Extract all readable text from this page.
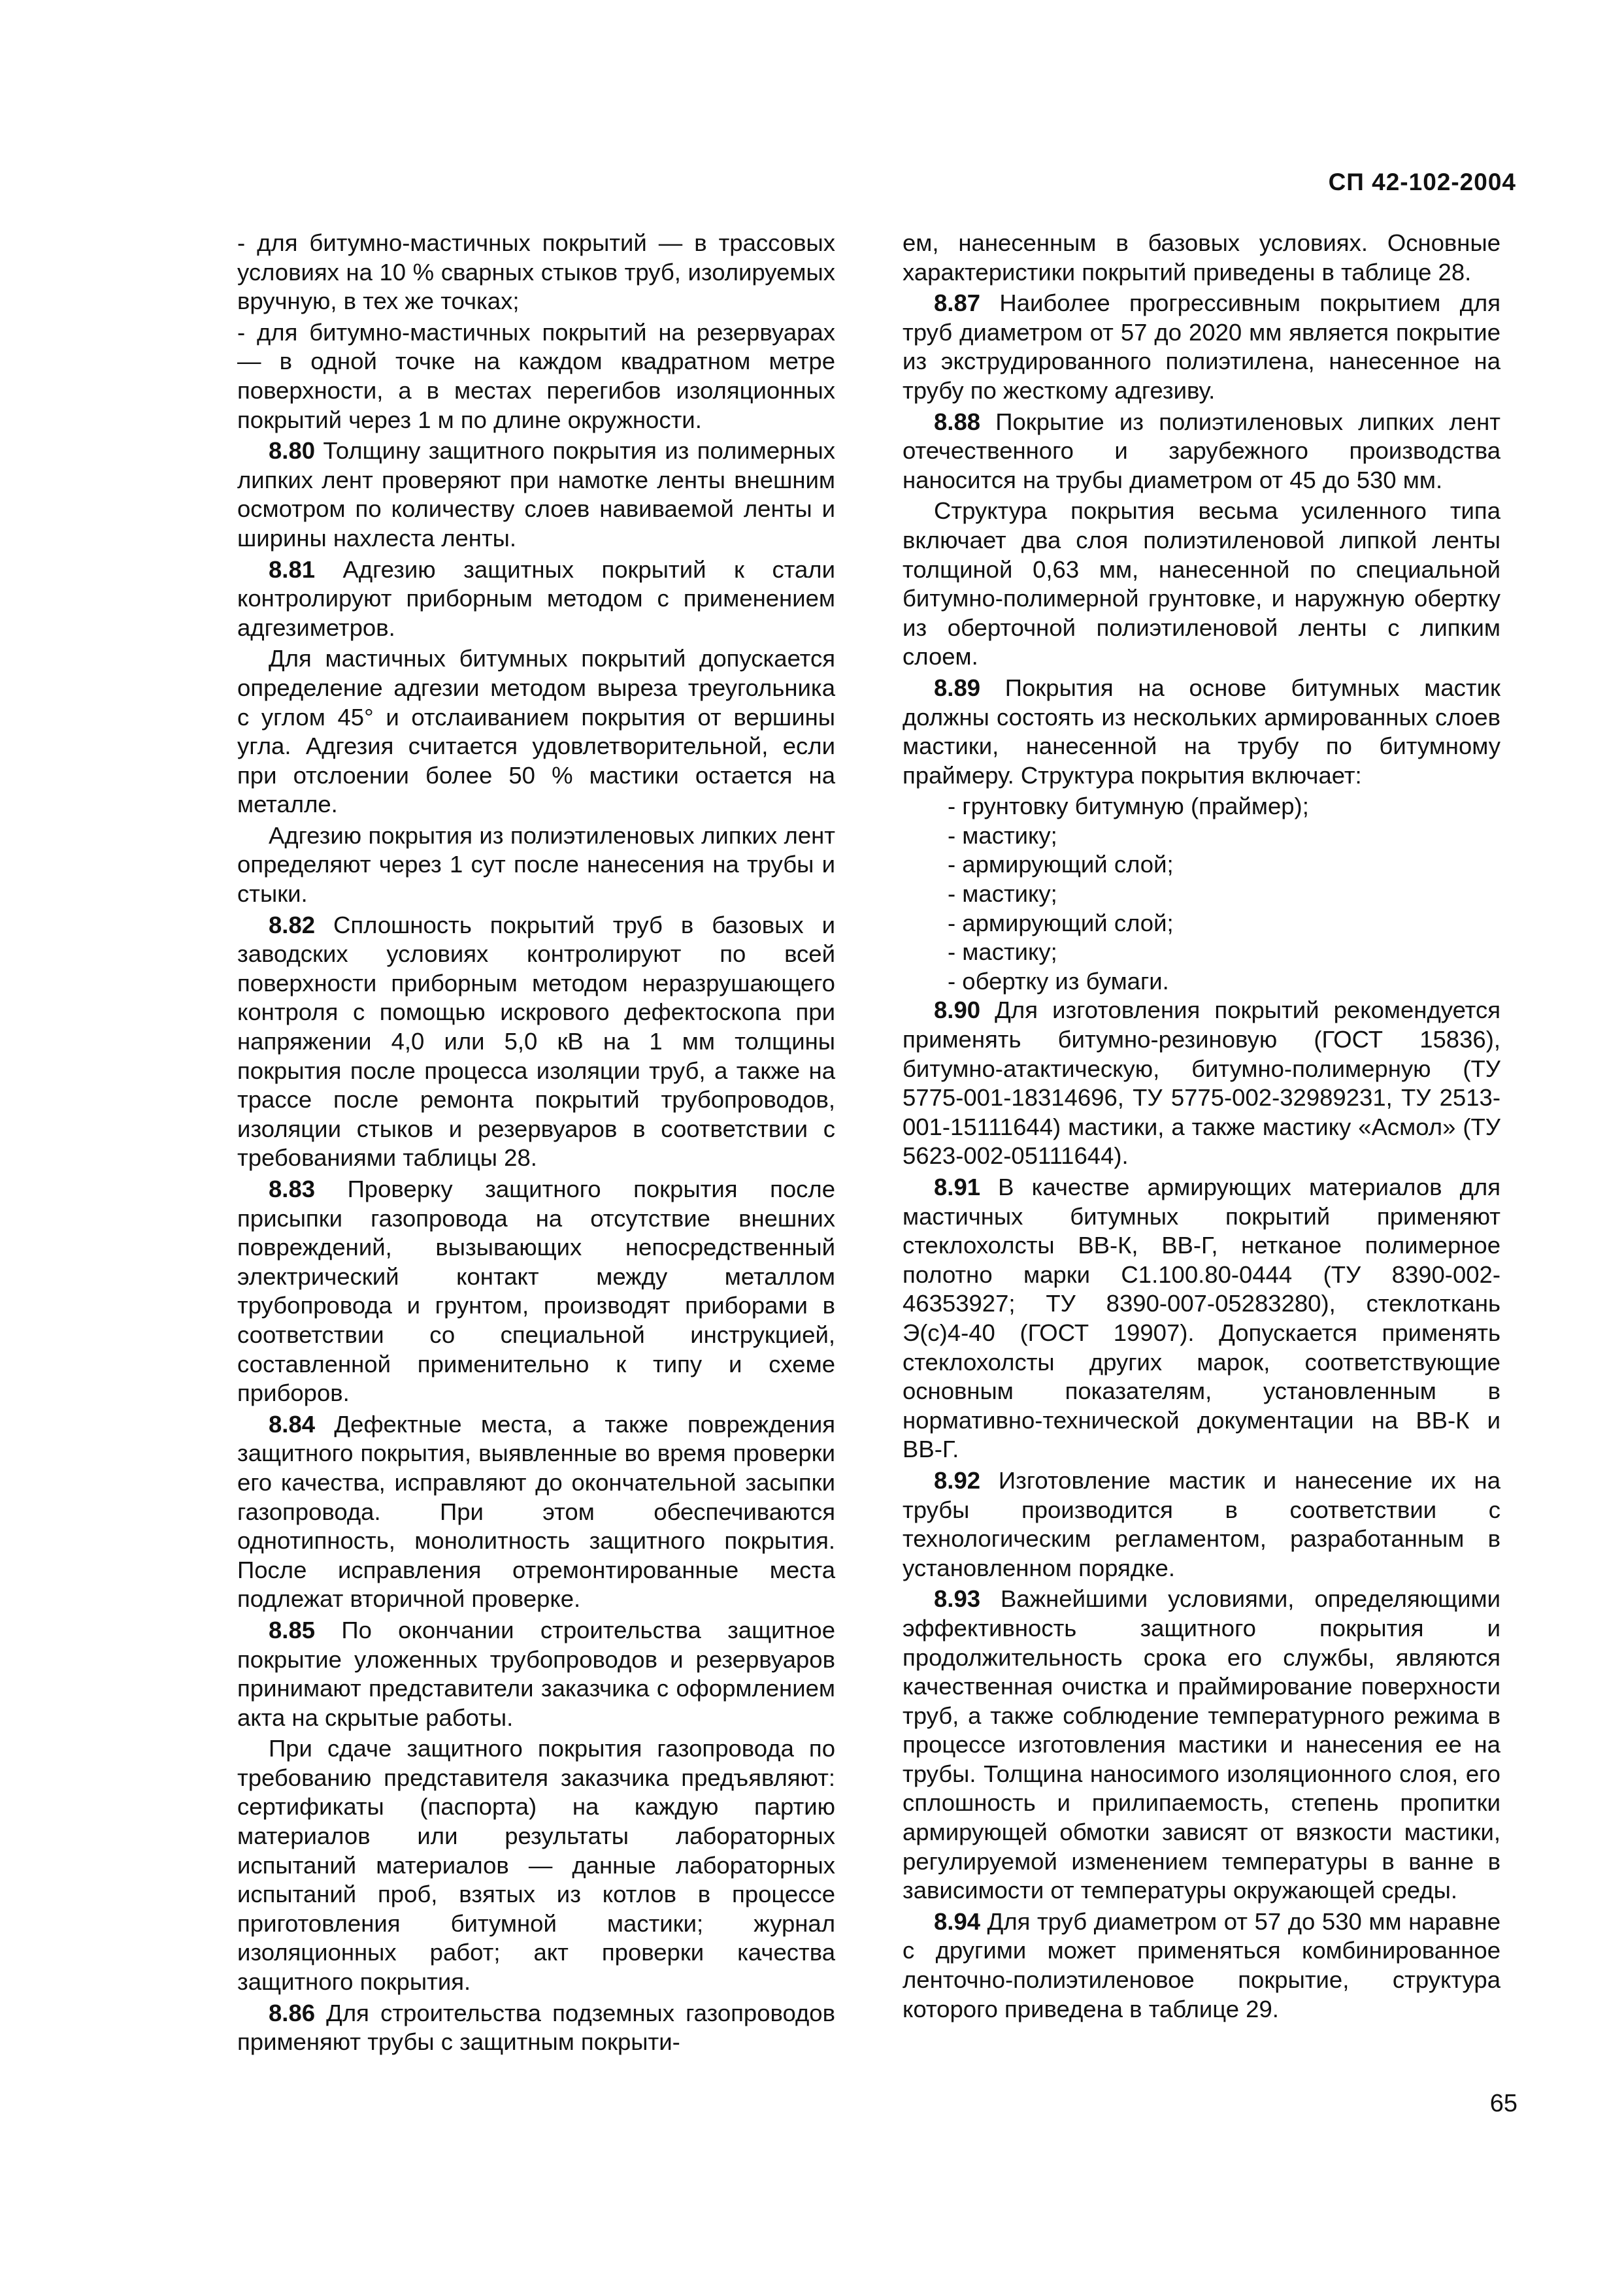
СП 42-102-2004

- для битумно-мастичных покрытий — в трассовых условиях на 10 % сварных стыков труб, изолируемых вручную, в тех же точках;

- для битумно-мастичных покрытий на резервуарах — в одной точке на каждом квадратном метре поверхности, а в местах перегибов изоляционных покрытий через 1 м по длине окружности.

8.80 Толщину защитного покрытия из полимерных липких лент проверяют при намотке ленты внешним осмотром по количеству слоев навиваемой ленты и ширины нахлеста ленты.

8.81 Адгезию защитных покрытий к стали контролируют приборным методом с применением адгезиметров.

Для мастичных битумных покрытий допускается определение адгезии методом выреза треугольника с углом 45° и отслаиванием покрытия от вершины угла. Адгезия считается удовлетворительной, если при отслоении более 50 % мастики остается на металле.

Адгезию покрытия из полиэтиленовых липких лент определяют через 1 сут после нанесения на трубы и стыки.

8.82 Сплошность покрытий труб в базовых и заводских условиях контролируют по всей поверхности приборным методом неразрушающего контроля с помощью искрового дефектоскопа при напряжении 4,0 или 5,0 кВ на 1 мм толщины покрытия после процесса изоляции труб, а также на трассе после ремонта покрытий трубопроводов, изоляции стыков и резервуаров в соответствии с требованиями таблицы 28.

8.83 Проверку защитного покрытия после присыпки газопровода на отсутствие внешних повреждений, вызывающих непосредственный электрический контакт между металлом трубопровода и грунтом, производят приборами в соответствии со специальной инструкцией, составленной применительно к типу и схеме приборов.

8.84 Дефектные места, а также повреждения защитного покрытия, выявленные во время проверки его качества, исправляют до окончательной засыпки газопровода. При этом обеспечиваются однотипность, монолитность защитного покрытия. После исправления отремонтированные места подлежат вторичной проверке.

8.85 По окончании строительства защитное покрытие уложенных трубопроводов и резервуаров принимают представители заказчика с оформлением акта на скрытые работы.

При сдаче защитного покрытия газопровода по требованию представителя заказчика предъявляют: сертификаты (паспорта) на каждую партию материалов или результаты лабораторных испытаний материалов — данные лабораторных испытаний проб, взятых из котлов в процессе приготовления битумной мастики; журнал изоляционных работ; акт проверки качества защитного покрытия.

8.86 Для строительства подземных газопроводов применяют трубы с защитным покрыти-

ем, нанесенным в базовых условиях. Основные характеристики покрытий приведены в таблице 28.

8.87 Наиболее прогрессивным покрытием для труб диаметром от 57 до 2020 мм является покрытие из экструдированного полиэтилена, нанесенное на трубу по жесткому адгезиву.

8.88 Покрытие из полиэтиленовых липких лент отечественного и зарубежного производства наносится на трубы диаметром от 45 до 530 мм.

Структура покрытия весьма усиленного типа включает два слоя полиэтиленовой липкой ленты толщиной 0,63 мм, нанесенной по специальной битумно-полимерной грунтовке, и наружную обертку из оберточной полиэтиленовой ленты с липким слоем.

8.89 Покрытия на основе битумных мастик должны состоять из нескольких армированных слоев мастики, нанесенной на трубу по битумному праймеру. Структура покрытия включает:

- грунтовку битумную (праймер);

- мастику;

- армирующий слой;

- мастику;

- армирующий слой;

- мастику;

- обертку из бумаги.

8.90 Для изготовления покрытий рекомендуется применять битумно-резиновую (ГОСТ 15836), битумно-атактическую, битумно-полимерную (ТУ 5775-001-18314696, ТУ 5775-002-32989231, ТУ 2513-001-15111644) мастики, а также мастику «Асмол» (ТУ 5623-002-05111644).

8.91 В качестве армирующих материалов для мастичных битумных покрытий применяют стеклохолсты ВВ-К, ВВ-Г, нетканое полимерное полотно марки С1.100.80-0444 (ТУ 8390-002-46353927; ТУ 8390-007-05283280), стеклоткань Э(с)4-40 (ГОСТ 19907). Допускается применять стеклохолсты других марок, соответствующие основным показателям, установленным в нормативно-технической документации на ВВ-К и ВВ-Г.

8.92 Изготовление мастик и нанесение их на трубы производится в соответствии с технологическим регламентом, разработанным в установленном порядке.

8.93 Важнейшими условиями, определяющими эффективность защитного покрытия и продолжительность срока его службы, являются качественная очистка и праймирование поверхности труб, а также соблюдение температурного режима в процессе изготовления мастики и нанесения ее на трубы. Толщина наносимого изоляционного слоя, его сплошность и прилипаемость, степень пропитки армирующей обмотки зависят от вязкости мастики, регулируемой изменением температуры в ванне в зависимости от температуры окружающей среды.

8.94 Для труб диаметром от 57 до 530 мм наравне с другими может применяться комбинированное ленточно-полиэтиленовое покрытие, структура которого приведена в таблице 29.

65
